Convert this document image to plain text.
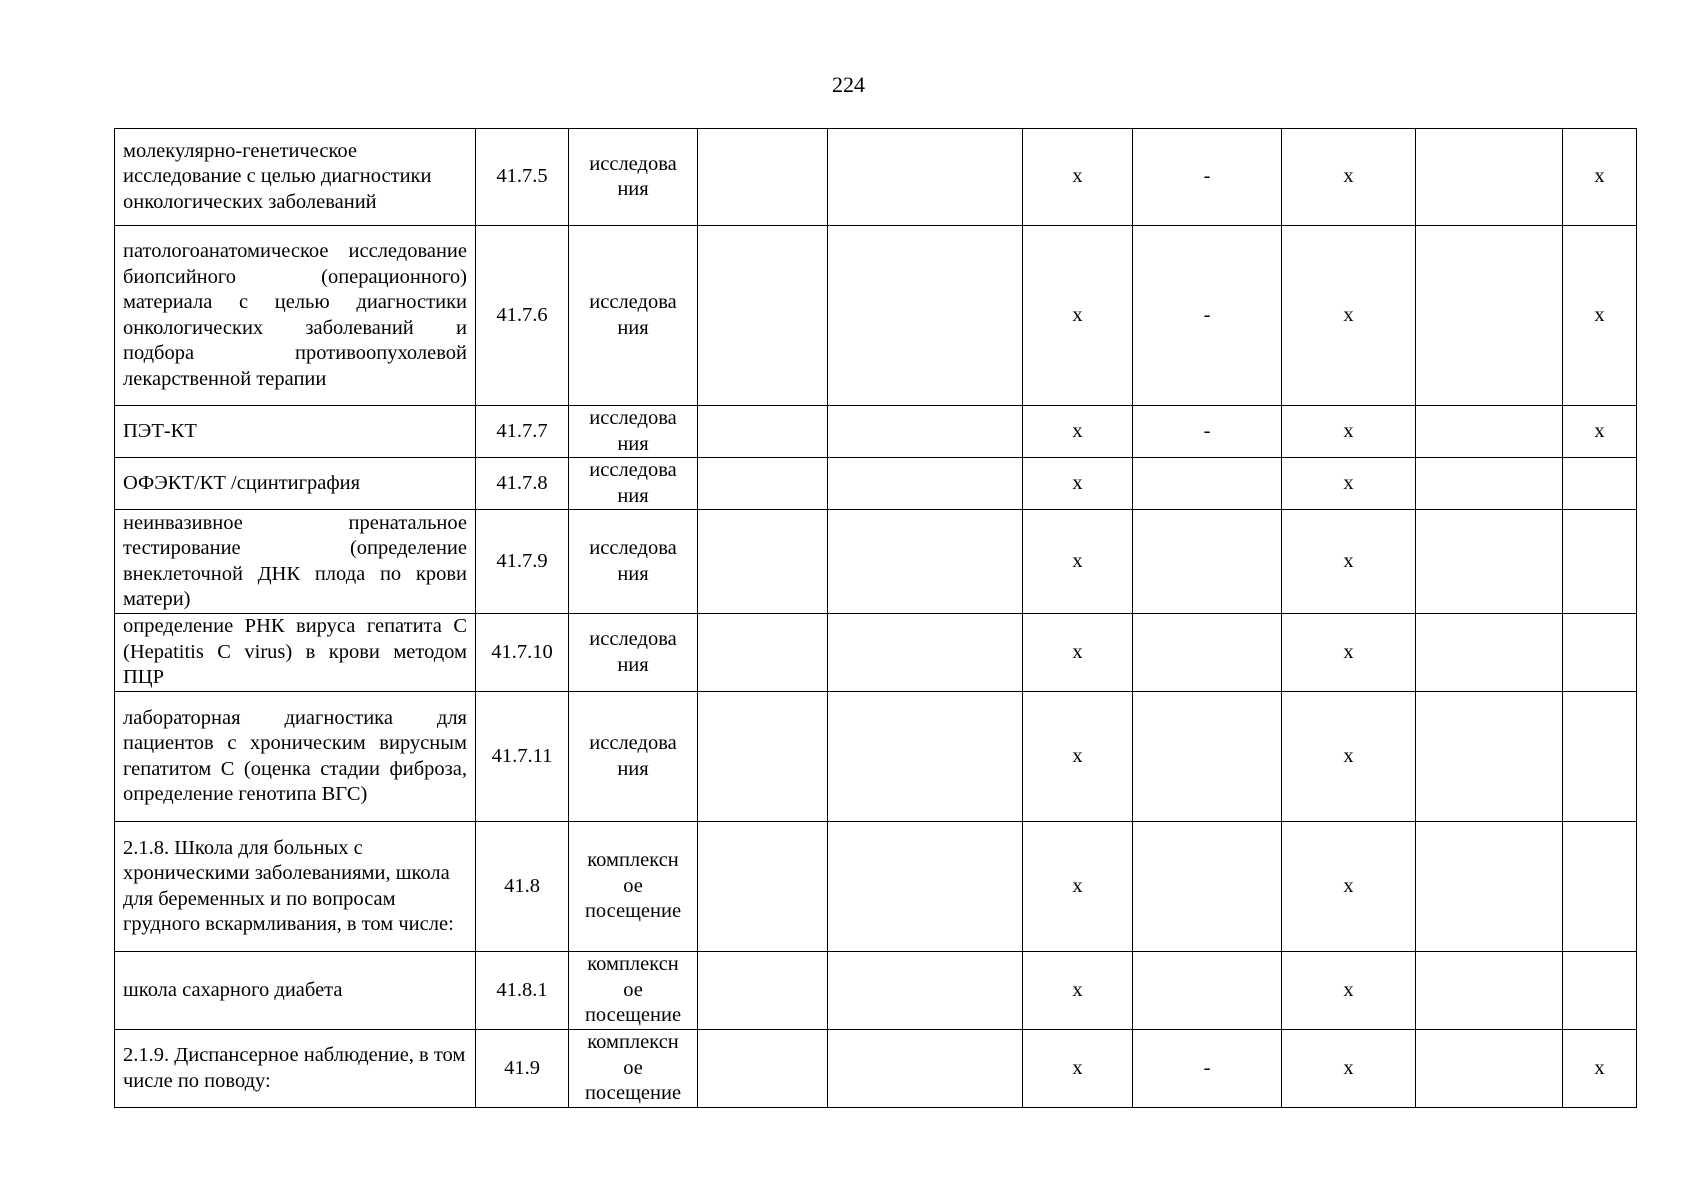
224
молекулярно-генетическое исследование с целью диагностики онкологических заболеваний	41.7.5	исследова
ния			x	-	x		x
патологоанатомическое исследование биопсийного (операционного) материала с целью диагностики онкологических заболеваний и подбора противоопухолевой лекарственной терапии	41.7.6	исследова
ния			x	-	x		x
ПЭТ-КТ	41.7.7	исследова
ния			x	-	x		x
ОФЭКТ/КТ /сцинтиграфия	41.7.8	исследова
ния			x		x		
неинвазивное пренатальное тестирование (определение внеклеточной ДНК плода по крови матери)	41.7.9	исследова
ния			x		x		
определение РНК вируса гепатита С (Hepatitis C virus) в крови методом ПЦР	41.7.10	исследова
ния			x		x		
лабораторная диагностика для пациентов с хроническим вирусным гепатитом С (оценка стадии фиброза, определение генотипа ВГС)	41.7.11	исследова
ния			x		x		
2.1.8. Школа для больных с хроническими заболеваниями, школа для беременных и по вопросам грудного вскармливания, в том числе:	41.8	комплексн
ое
посещение			x		x		
школа сахарного диабета	41.8.1	комплексн
ое
посещение			x		x		
2.1.9. Диспансерное наблюдение, в том числе по поводу:	41.9	комплексн
ое
посещение			x	-	x		x
